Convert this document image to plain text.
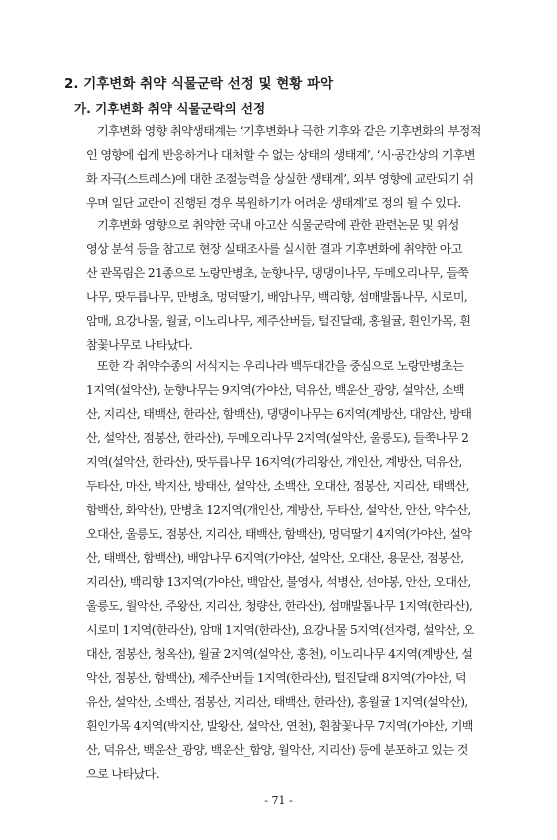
2. 기후변화 취약 식물군락 선정 및 현황 파악
가. 기후변화 취약 식물군락의 선정

기후변화 영향 취약생태계는 ‘기후변화나 극한 기후와 같은 기후변화의 부정적
인 영향에 쉽게 반응하거나 대처할 수 없는 상태의 생태계’, ‘시·공간상의 기후변
화 자극(스트레스)에 대한 조절능력을 상실한 생태계’, 외부 영향에 교란되기 쉬
우며 일단 교란이 진행된 경우 복원하기가 어려운 생태계’로 정의 될 수 있다.

기후변화 영향으로 취약한 국내 아고산 식물군락에 관한 관련논문 및 위성
영상 분석 등을 참고로 현장 실태조사를 실시한 결과 기후변화에 취약한 아고
산 관목림은 21종으로 노랑만병초, 눈향나무, 댕댕이나무, 두메오리나무, 들쭉
나무, 땃두릅나무, 만병초, 멍덕딸기, 배암나무, 백리향, 섬매발톱나무, 시로미,
암매, 요강나물, 월귤, 이노리나무, 제주산버들, 털진달래, 홍월귤, 흰인가목, 흰
참꽃나무로 나타났다.

또한 각 취약수종의 서식지는 우리나라 백두대간을 중심으로 노랑만병초는
1지역(설악산), 눈향나무는 9지역(가야산, 덕유산, 백운산_광양, 설악산, 소백
산, 지리산, 태백산, 한라산, 함백산), 댕댕이나무는 6지역(계방산, 대암산, 방태
산, 설악산, 점봉산, 한라산), 두메오리나무 2지역(설악산, 울릉도), 들쭉나무 2
지역(설악산, 한라산), 땃두릅나무 16지역(가리왕산, 개인산, 계방산, 덕유산,
두타산, 마산, 박지산, 방태산, 설악산, 소백산, 오대산, 점봉산, 지리산, 태백산,
함백산, 화악산), 만병초 12지역(개인산, 계방산, 두타산, 설악산, 안산, 약수산,
오대산, 울릉도, 점봉산, 지리산, 태백산, 함백산), 멍덕딸기 4지역(가야산, 설악
산, 태백산, 함백산), 배암나무 6지역(가야산, 설악산, 오대산, 용문산, 점봉산,
지리산), 백리향 13지역(가야산, 백암산, 불영사, 석병산, 선야봉, 안산, 오대산,
울릉도, 월악산, 주왕산, 지리산, 청량산, 한라산), 섬매발톱나무 1지역(한라산),
시로미 1지역(한라산), 암매 1지역(한라산), 요강나물 5지역(선자령, 설악산, 오
대산, 점봉산, 청옥산), 월귤 2지역(설악산, 홍천), 이노리나무 4지역(계방산, 설
악산, 점봉산, 함백산), 제주산버들 1지역(한라산), 털진달래 8지역(가야산, 덕
유산, 설악산, 소백산, 점봉산, 지리산, 태백산, 한라산), 홍월귤 1지역(설악산),
흰인가목 4지역(박지산, 발왕산, 설악산, 연천), 흰참꽃나무 7지역(가야산, 기백
산, 덕유산, 백운산_광양, 백운산_함양, 월악산, 지리산) 등에 분포하고 있는 것
으로 나타났다.

- 71 -
